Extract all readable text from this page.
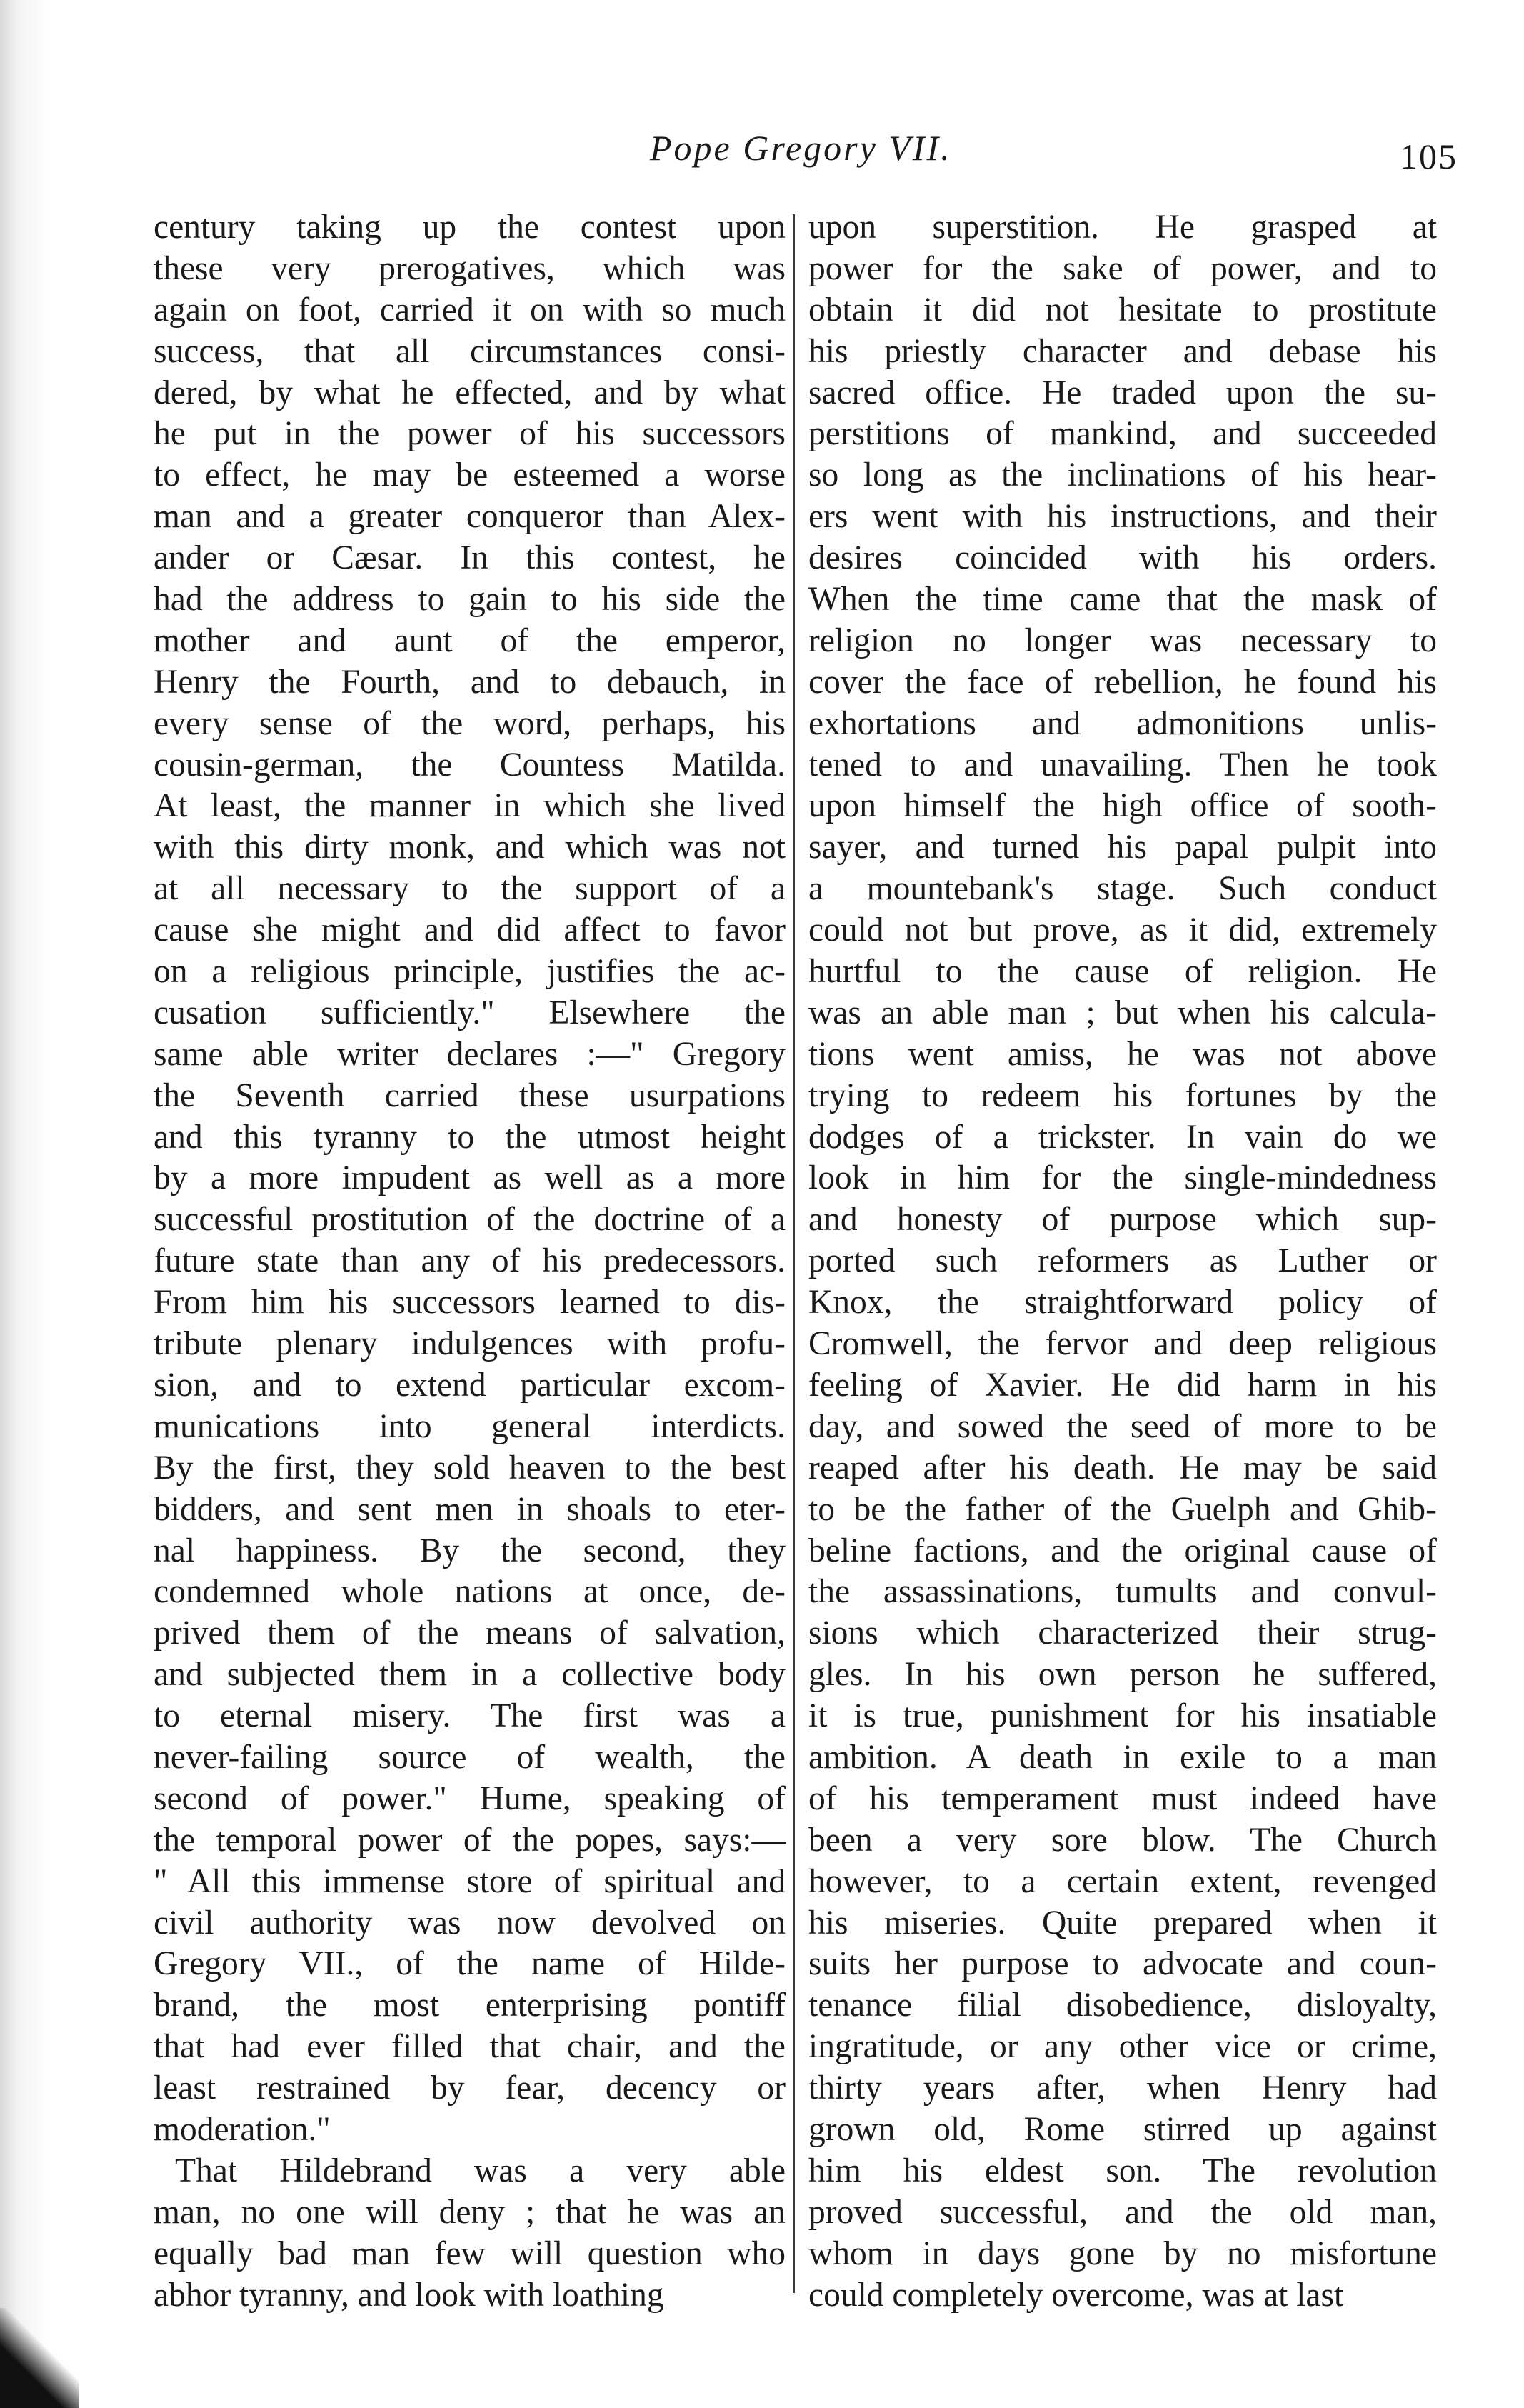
Pope Gregory VII.	105
century taking up the contest upon
these very prerogatives, which was
again on foot, carried it on with so much
success, that all circumstances consi-
dered, by what he effected, and by what
he put in the power of his successors
to effect, he may be esteemed a worse
man and a greater conqueror than Alex-
ander or Cæsar. In this contest, he
had the address to gain to his side the
mother and aunt of the emperor,
Henry the Fourth, and to debauch, in
every sense of the word, perhaps, his
cousin-german, the Countess Matilda.
At least, the manner in which she lived
with this dirty monk, and which was not
at all necessary to the support of a
cause she might and did affect to favor
on a religious principle, justifies the ac-
cusation sufficiently." Elsewhere the
same able writer declares :—" Gregory
the Seventh carried these usurpations
and this tyranny to the utmost height
by a more impudent as well as a more
successful prostitution of the doctrine of a
future state than any of his predecessors.
From him his successors learned to dis-
tribute plenary indulgences with profu-
sion, and to extend particular excom-
munications into general interdicts.
By the first, they sold heaven to the best
bidders, and sent men in shoals to eter-
nal happiness. By the second, they
condemned whole nations at once, de-
prived them of the means of salvation,
and subjected them in a collective body
to eternal misery. The first was a
never-failing source of wealth, the
second of power." Hume, speaking of
the temporal power of the popes, says:—
" All this immense store of spiritual and
civil authority was now devolved on
Gregory VII., of the name of Hilde-
brand, the most enterprising pontiff
that had ever filled that chair, and the
least restrained by fear, decency or
moderation."
That Hildebrand was a very able
man, no one will deny ; that he was an
equally bad man few will question who
abhor tyranny, and look with loathing
upon superstition. He grasped at
power for the sake of power, and to
obtain it did not hesitate to prostitute
his priestly character and debase his
sacred office. He traded upon the su-
perstitions of mankind, and succeeded
so long as the inclinations of his hear-
ers went with his instructions, and their
desires coincided with his orders.
When the time came that the mask of
religion no longer was necessary to
cover the face of rebellion, he found his
exhortations and admonitions unlis-
tened to and unavailing. Then he took
upon himself the high office of sooth-
sayer, and turned his papal pulpit into
a mountebank's stage. Such conduct
could not but prove, as it did, extremely
hurtful to the cause of religion. He
was an able man ; but when his calcula-
tions went amiss, he was not above
trying to redeem his fortunes by the
dodges of a trickster. In vain do we
look in him for the single-mindedness
and honesty of purpose which sup-
ported such reformers as Luther or
Knox, the straightforward policy of
Cromwell, the fervor and deep religious
feeling of Xavier. He did harm in his
day, and sowed the seed of more to be
reaped after his death. He may be said
to be the father of the Guelph and Ghib-
beline factions, and the original cause of
the assassinations, tumults and convul-
sions which characterized their strug-
gles. In his own person he suffered,
it is true, punishment for his insatiable
ambition. A death in exile to a man
of his temperament must indeed have
been a very sore blow. The Church
however, to a certain extent, revenged
his miseries. Quite prepared when it
suits her purpose to advocate and coun-
tenance filial disobedience, disloyalty,
ingratitude, or any other vice or crime,
thirty years after, when Henry had
grown old, Rome stirred up against
him his eldest son. The revolution
proved successful, and the old man,
whom in days gone by no misfortune
could completely overcome, was at last
